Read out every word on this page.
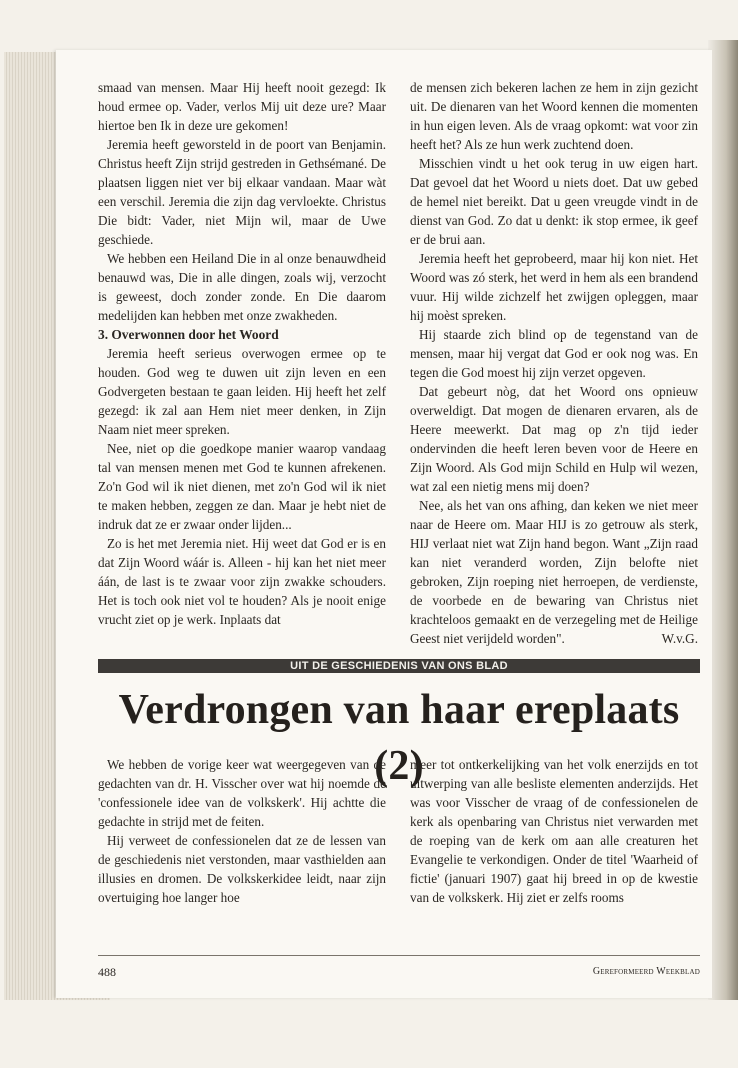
smaad van mensen. Maar Hij heeft nooit gezegd: Ik houd ermee op. Vader, verlos Mij uit deze ure? Maar hiertoe ben Ik in deze ure gekomen!

Jeremia heeft geworsteld in de poort van Benjamin. Christus heeft Zijn strijd gestreden in Gethsémané. De plaatsen liggen niet ver bij elkaar vandaan. Maar wàt een verschil. Jeremia die zijn dag vervloekte. Christus Die bidt: Vader, niet Mijn wil, maar de Uwe geschiede.

We hebben een Heiland Die in al onze benauwdheid benauwd was, Die in alle dingen, zoals wij, verzocht is geweest, doch zonder zonde. En Die daarom medelijden kan hebben met onze zwakheden.

3. Overwonnen door het Woord

Jeremia heeft serieus overwogen ermee op te houden. God weg te duwen uit zijn leven en een Godvergeten bestaan te gaan leiden. Hij heeft het zelf gezegd: ik zal aan Hem niet meer denken, in Zijn Naam niet meer spreken.

Nee, niet op die goedkope manier waarop vandaag tal van mensen menen met God te kunnen afrekenen. Zo'n God wil ik niet dienen, met zo'n God wil ik niet te maken hebben, zeggen ze dan. Maar je hebt niet de indruk dat ze er zwaar onder lijden...

Zo is het met Jeremia niet. Hij weet dat God er is en dat Zijn Woord wáár is. Alleen - hij kan het niet meer áán, de last is te zwaar voor zijn zwakke schouders. Het is toch ook niet vol te houden? Als je nooit enige vrucht ziet op je werk. Inplaats dat

de mensen zich bekeren lachen ze hem in zijn gezicht uit. De dienaren van het Woord kennen die momenten in hun eigen leven. Als de vraag opkomt: wat voor zin heeft het? Als ze hun werk zuchtend doen.

Misschien vindt u het ook terug in uw eigen hart. Dat gevoel dat het Woord u niets doet. Dat uw gebed de hemel niet bereikt. Dat u geen vreugde vindt in de dienst van God. Zo dat u denkt: ik stop ermee, ik geef er de brui aan.

Jeremia heeft het geprobeerd, maar hij kon niet. Het Woord was zó sterk, het werd in hem als een brandend vuur. Hij wilde zichzelf het zwijgen opleggen, maar hij moèst spreken.

Hij staarde zich blind op de tegenstand van de mensen, maar hij vergat dat God er ook nog was. En tegen die God moest hij zijn verzet opgeven.

Dat gebeurt nòg, dat het Woord ons opnieuw overweldigt. Dat mogen de dienaren ervaren, als de Heere meewerkt. Dat mag op z'n tijd ieder ondervinden die heeft leren beven voor de Heere en Zijn Woord. Als God mijn Schild en Hulp wil wezen, wat zal een nietig mens mij doen?

Nee, als het van ons afhing, dan keken we niet meer naar de Heere om. Maar HIJ is zo getrouw als sterk, HIJ verlaat niet wat Zijn hand begon. Want „Zijn raad kan niet veranderd worden, Zijn belofte niet gebroken, Zijn roeping niet herroepen, de verdienste, de voorbede en de bewaring van Christus niet krachteloos gemaakt en de verzegeling met de Heilige Geest niet verijdeld worden".	W.v.G.
UIT DE GESCHIEDENIS VAN ONS BLAD
Verdrongen van haar ereplaats (2)

We hebben de vorige keer wat weergegeven van de gedachten van dr. H. Visscher over wat hij noemde de 'confessionele idee van de volkskerk'. Hij achtte die gedachte in strijd met de feiten.

Hij verweet de confessionelen dat ze de lessen van de geschiedenis niet verstonden, maar vasthielden aan illusies en dromen. De volkskerkidee leidt, naar zijn overtuiging hoe langer hoe

meer tot ontkerkelijking van het volk enerzijds en tot uitwerping van alle besliste elementen anderzijds. Het was voor Visscher de vraag of de confessionelen de kerk als openbaring van Christus niet verwarden met de roeping van de kerk om aan alle creaturen het Evangelie te verkondigen. Onder de titel 'Waarheid of fictie' (januari 1907) gaat hij breed in op de kwestie van de volkskerk. Hij ziet er zelfs rooms

488	Gereformeerd Weekblad
